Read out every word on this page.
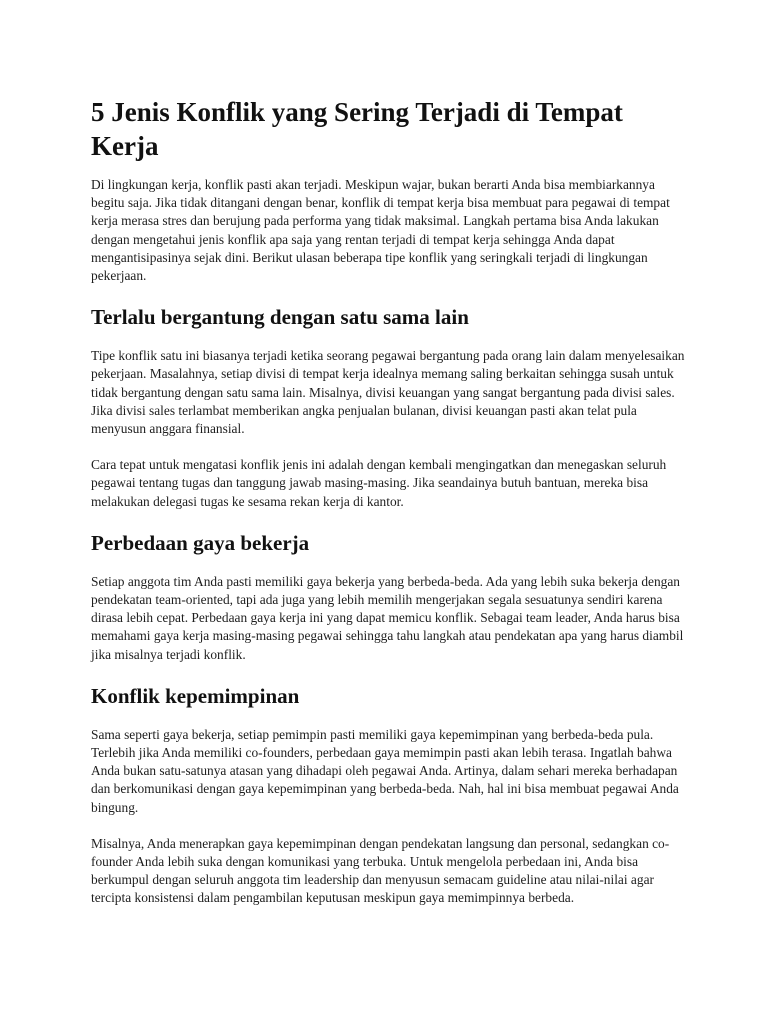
5 Jenis Konflik yang Sering Terjadi di Tempat Kerja

Di lingkungan kerja, konflik pasti akan terjadi. Meskipun wajar, bukan berarti Anda bisa membiarkannya begitu saja. Jika tidak ditangani dengan benar, konflik di tempat kerja bisa membuat para pegawai di tempat kerja merasa stres dan berujung pada performa yang tidak maksimal. Langkah pertama bisa Anda lakukan dengan mengetahui jenis konflik apa saja yang rentan terjadi di tempat kerja sehingga Anda dapat mengantisipasinya sejak dini. Berikut ulasan beberapa tipe konflik yang seringkali terjadi di lingkungan pekerjaan.

Terlalu bergantung dengan satu sama lain

Tipe konflik satu ini biasanya terjadi ketika seorang pegawai bergantung pada orang lain dalam menyelesaikan pekerjaan. Masalahnya, setiap divisi di tempat kerja idealnya memang saling berkaitan sehingga susah untuk tidak bergantung dengan satu sama lain. Misalnya, divisi keuangan yang sangat bergantung pada divisi sales. Jika divisi sales terlambat memberikan angka penjualan bulanan, divisi keuangan pasti akan telat pula menyusun anggara finansial.

Cara tepat untuk mengatasi konflik jenis ini adalah dengan kembali mengingatkan dan menegaskan seluruh pegawai tentang tugas dan tanggung jawab masing-masing. Jika seandainya butuh bantuan, mereka bisa melakukan delegasi tugas ke sesama rekan kerja di kantor.

Perbedaan gaya bekerja

Setiap anggota tim Anda pasti memiliki gaya bekerja yang berbeda-beda. Ada yang lebih suka bekerja dengan pendekatan team-oriented, tapi ada juga yang lebih memilih mengerjakan segala sesuatunya sendiri karena dirasa lebih cepat. Perbedaan gaya kerja ini yang dapat memicu konflik. Sebagai team leader, Anda harus bisa memahami gaya kerja masing-masing pegawai sehingga tahu langkah atau pendekatan apa yang harus diambil jika misalnya terjadi konflik.

Konflik kepemimpinan

Sama seperti gaya bekerja, setiap pemimpin pasti memiliki gaya kepemimpinan yang berbeda-beda pula. Terlebih jika Anda memiliki co-founders, perbedaan gaya memimpin pasti akan lebih terasa. Ingatlah bahwa Anda bukan satu-satunya atasan yang dihadapi oleh pegawai Anda. Artinya, dalam sehari mereka berhadapan dan berkomunikasi dengan gaya kepemimpinan yang berbeda-beda. Nah, hal ini bisa membuat pegawai Anda bingung.

Misalnya, Anda menerapkan gaya kepemimpinan dengan pendekatan langsung dan personal, sedangkan co-founder Anda lebih suka dengan komunikasi yang terbuka. Untuk mengelola perbedaan ini, Anda bisa berkumpul dengan seluruh anggota tim leadership dan menyusun semacam guideline atau nilai-nilai agar tercipta konsistensi dalam pengambilan keputusan meskipun gaya memimpinnya berbeda.
